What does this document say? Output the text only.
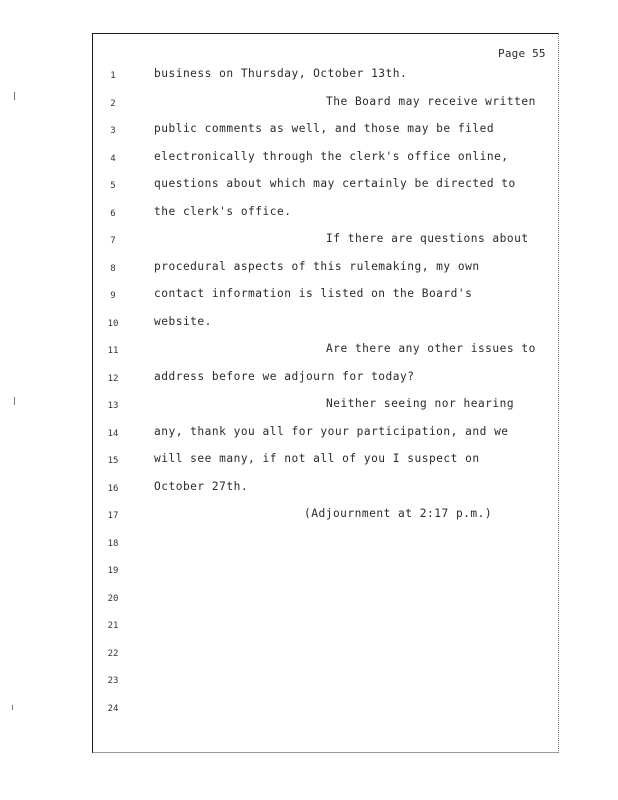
Page 55
1	business on Thursday, October 13th.
2	The Board may receive written
3	public comments as well, and those may be filed
4	electronically through the clerk's office online,
5	questions about which may certainly be directed to
6	the clerk's office.
7	If there are questions about
8	procedural aspects of this rulemaking, my own
9	contact information is listed on the Board's
10	website.
11	Are there any other issues to
12	address before we adjourn for today?
13	Neither seeing nor hearing
14	any, thank you all for your participation, and we
15	will see many, if not all of you I suspect on
16	October 27th.
17	(Adjournment at 2:17 p.m.)
18
19
20
21
22
23
24
